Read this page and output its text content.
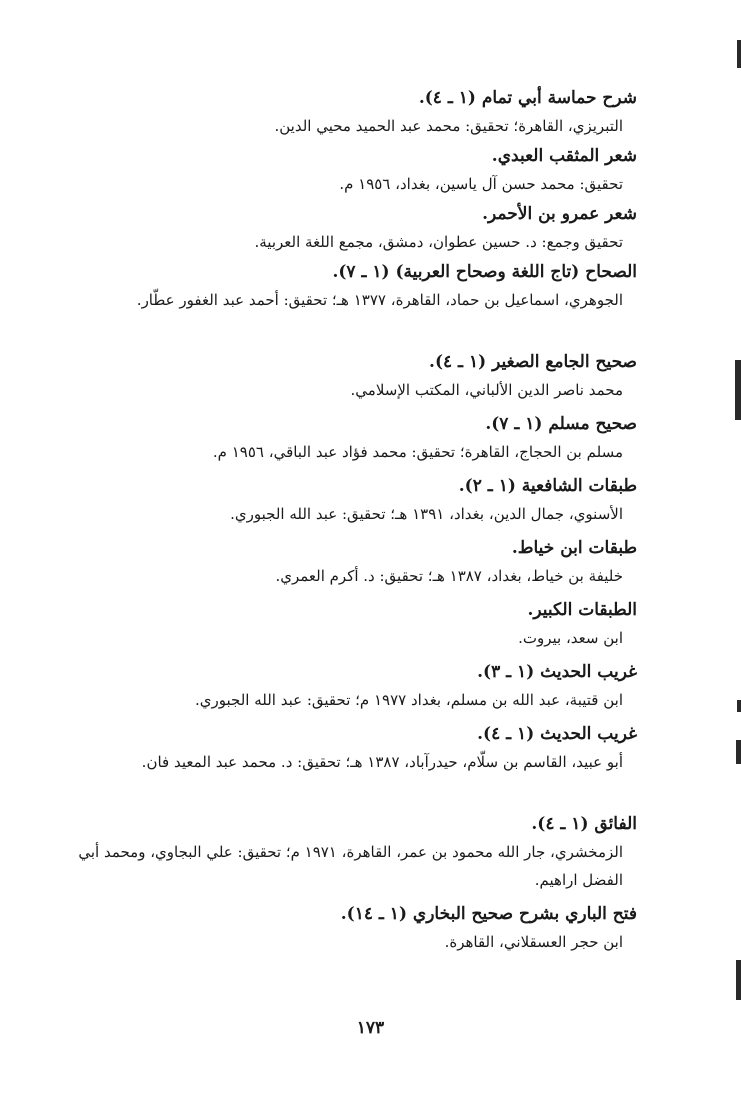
شرح حماسة أبي تمام (١ ـ ٤).
التبريزي، القاهرة؛ تحقيق: محمد عبد الحميد محيي الدين.
شعر المثقب العبدي.
تحقيق: محمد حسن آل ياسين، بغداد، ١٩٥٦ م.
شعر عمرو بن الأحمر.
تحقيق وجمع: د. حسين عطوان، دمشق، مجمع اللغة العربية.
الصحاح (تاج اللغة وصحاح العربية) (١ ـ ٧).
الجوهري، اسماعيل بن حماد، القاهرة، ١٣٧٧ هـ؛ تحقيق: أحمد عبد الغفور عطّار.
صحيح الجامع الصغير (١ ـ ٤).
محمد ناصر الدين الألباني، المكتب الإسلامي.
صحيح مسلم (١ ـ ٧).
مسلم بن الحجاج، القاهرة؛ تحقيق: محمد فؤاد عبد الباقي، ١٩٥٦ م.
طبقات الشافعية (١ ـ ٢).
الأسنوي، جمال الدين، بغداد، ١٣٩١ هـ؛ تحقيق: عبد الله الجبوري.
طبقات ابن خياط.
خليفة بن خياط، بغداد، ١٣٨٧ هـ؛ تحقيق: د. أكرم العمري.
الطبقات الكبير.
ابن سعد، بيروت.
غريب الحديث (١ ـ ٣).
ابن قتيبة، عبد الله بن مسلم، بغداد ١٩٧٧ م؛ تحقيق: عبد الله الجبوري.
غريب الحديث (١ ـ ٤).
أبو عبيد، القاسم بن سلّام، حيدرآباد، ١٣٨٧ هـ؛ تحقيق: د. محمد عبد المعيد فان.
الفائق (١ ـ ٤).
الزمخشري، جار الله محمود بن عمر، القاهرة، ١٩٧١ م؛ تحقيق: علي البجاوي، ومحمد أبي الفضل اراهيم.
فتح الباري بشرح صحيح البخاري (١ ـ ١٤).
ابن حجر العسقلاني، القاهرة.
١٧٣
